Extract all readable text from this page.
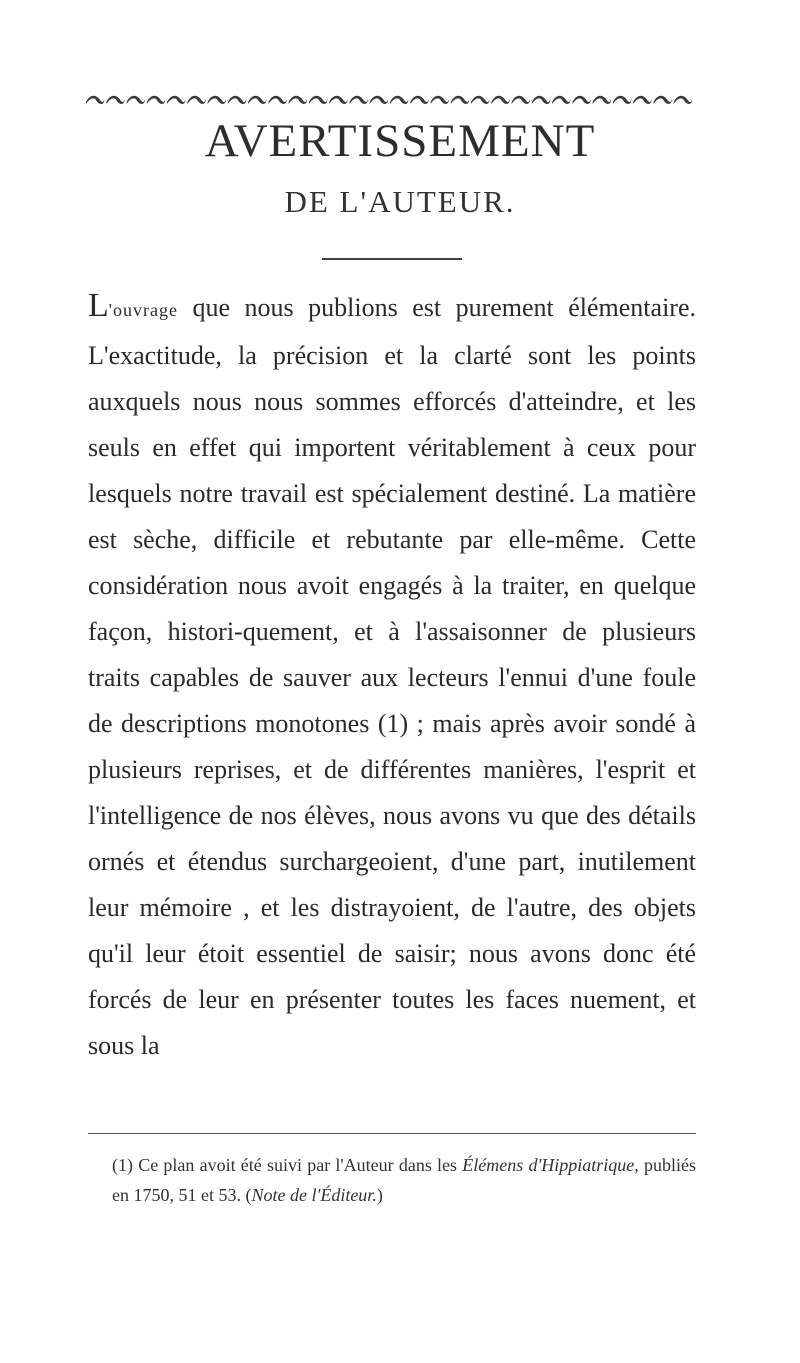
AVERTISSEMENT
DE L'AUTEUR.
L'ouvrage que nous publions est purement élémentaire. L'exactitude, la précision et la clarté sont les points auxquels nous nous sommes efforcés d'atteindre, et les seuls en effet qui importent véritablement à ceux pour lesquels notre travail est spécialement destiné. La matière est sèche, difficile et rebutante par elle-même. Cette considération nous avoit engagés à la traiter, en quelque façon, histori-quement, et à l'assaisonner de plusieurs traits capables de sauver aux lecteurs l'ennui d'une foule de descriptions monotones (1) ; mais après avoir sondé à plusieurs reprises, et de différentes manières, l'esprit et l'intelligence de nos élèves, nous avons vu que des détails ornés et étendus surchargeoient, d'une part, inutilement leur mémoire , et les distrayoient, de l'autre, des objets qu'il leur étoit essentiel de saisir; nous avons donc été forcés de leur en présenter toutes les faces nuement, et sous la
(1) Ce plan avoit été suivi par l'Auteur dans les Élémens d'Hippiatrique, publiés en 1750, 51 et 53. (Note de l'Éditeur.)
